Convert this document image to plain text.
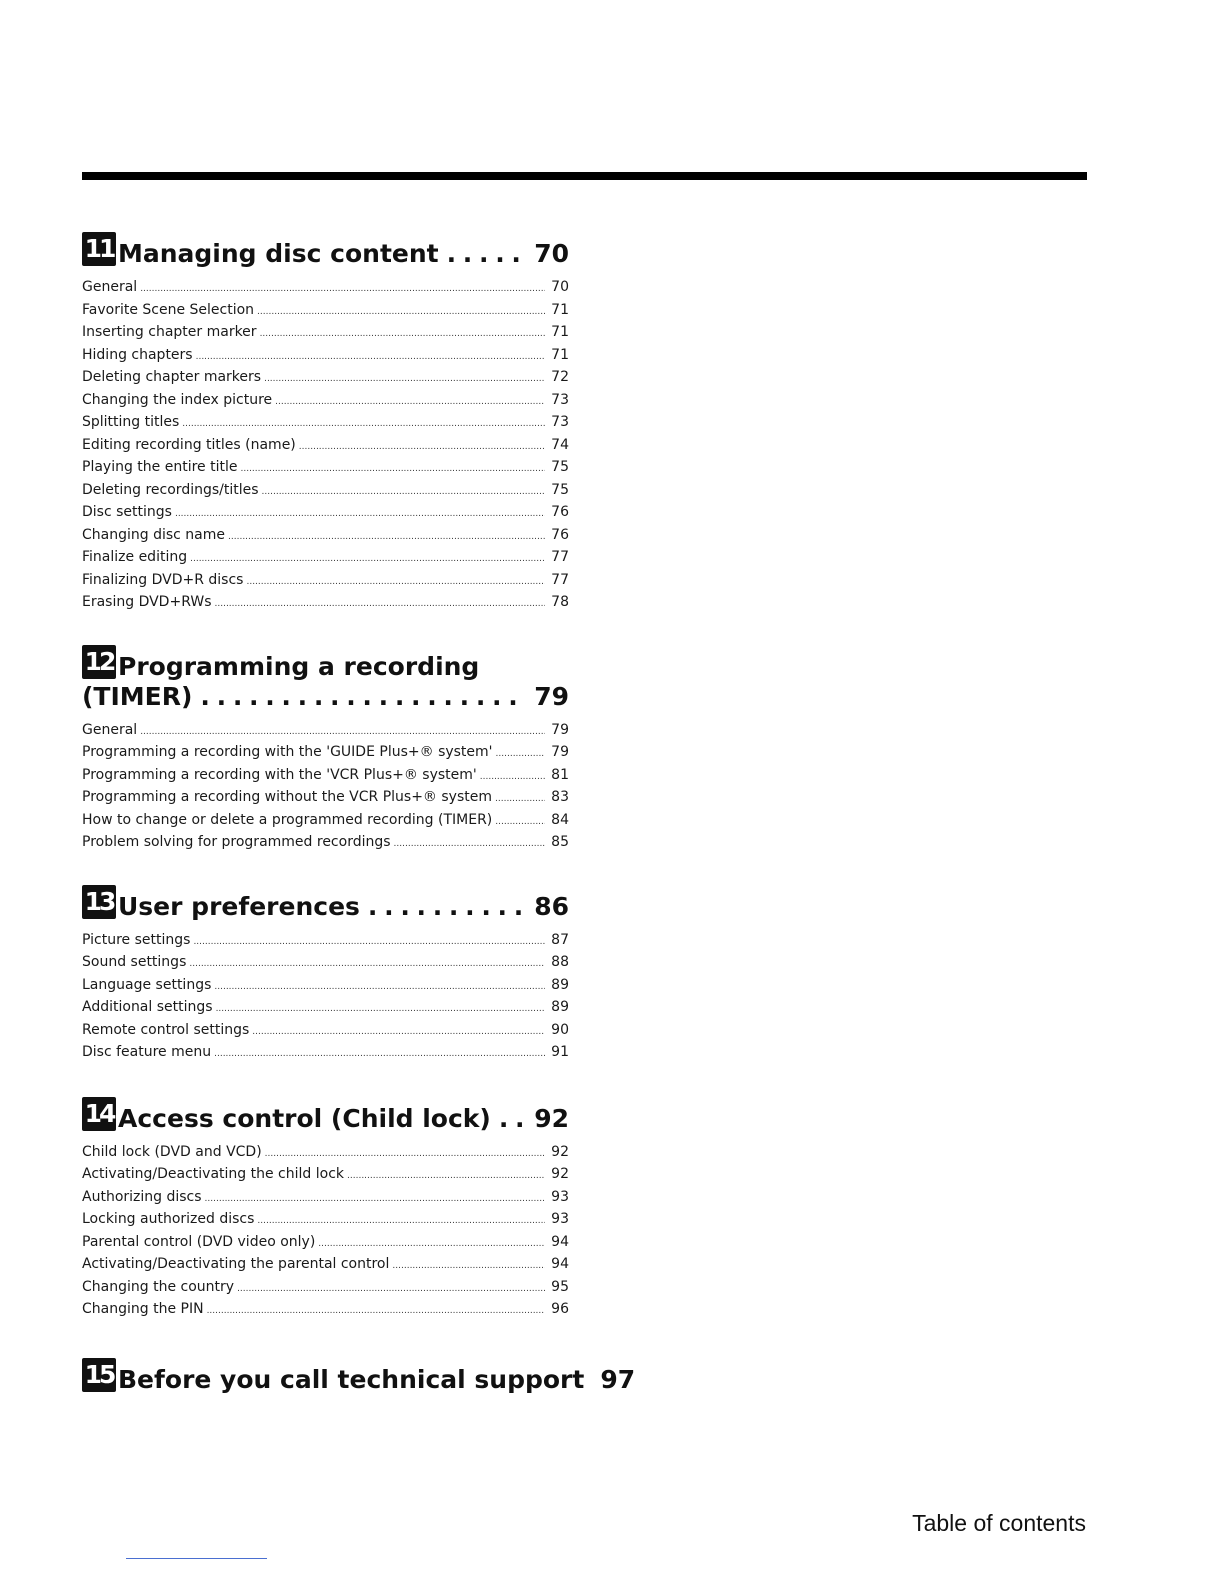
11 Managing disc content . . .	70
General .....	70
Favorite Scene Selection .....	71
Inserting chapter marker .....	71
Hiding chapters .....	71
Deleting chapter markers .....	72
Changing the index picture .....	73
Splitting titles .....	73
Editing recording titles (name) .....	74
Playing the entire title .....	75
Deleting recordings/titles .....	75
Disc settings .....	76
Changing disc name .....	76
Finalize editing .....	77
Finalizing DVD+R discs .....	77
Erasing DVD+RWs .....	78
12 Programming a recording
(TIMER) . . .	79
General .....	79
Programming a recording with the 'GUIDE Plus+® system' .....	79
Programming a recording with the 'VCR Plus+® system' .....	81
Programming a recording without the VCR Plus+® system .....	83
How to change or delete a programmed recording (TIMER) .....	84
Problem solving for programmed recordings .....	85
13 User preferences . . .	86
Picture settings .....	87
Sound settings .....	88
Language settings .....	89
Additional settings .....	89
Remote control settings .....	90
Disc feature menu .....	91
14 Access control (Child lock) . . . 92
Child lock (DVD and VCD) .....	92
Activating/Deactivating the child lock .....	92
Authorizing discs .....	93
Locking authorized discs .....	93
Parental control (DVD video only) .....	94
Activating/Deactivating the parental control .....	94
Changing the country .....	95
Changing the PIN .....	96
15 Before you call technical support 97
Table of contents
